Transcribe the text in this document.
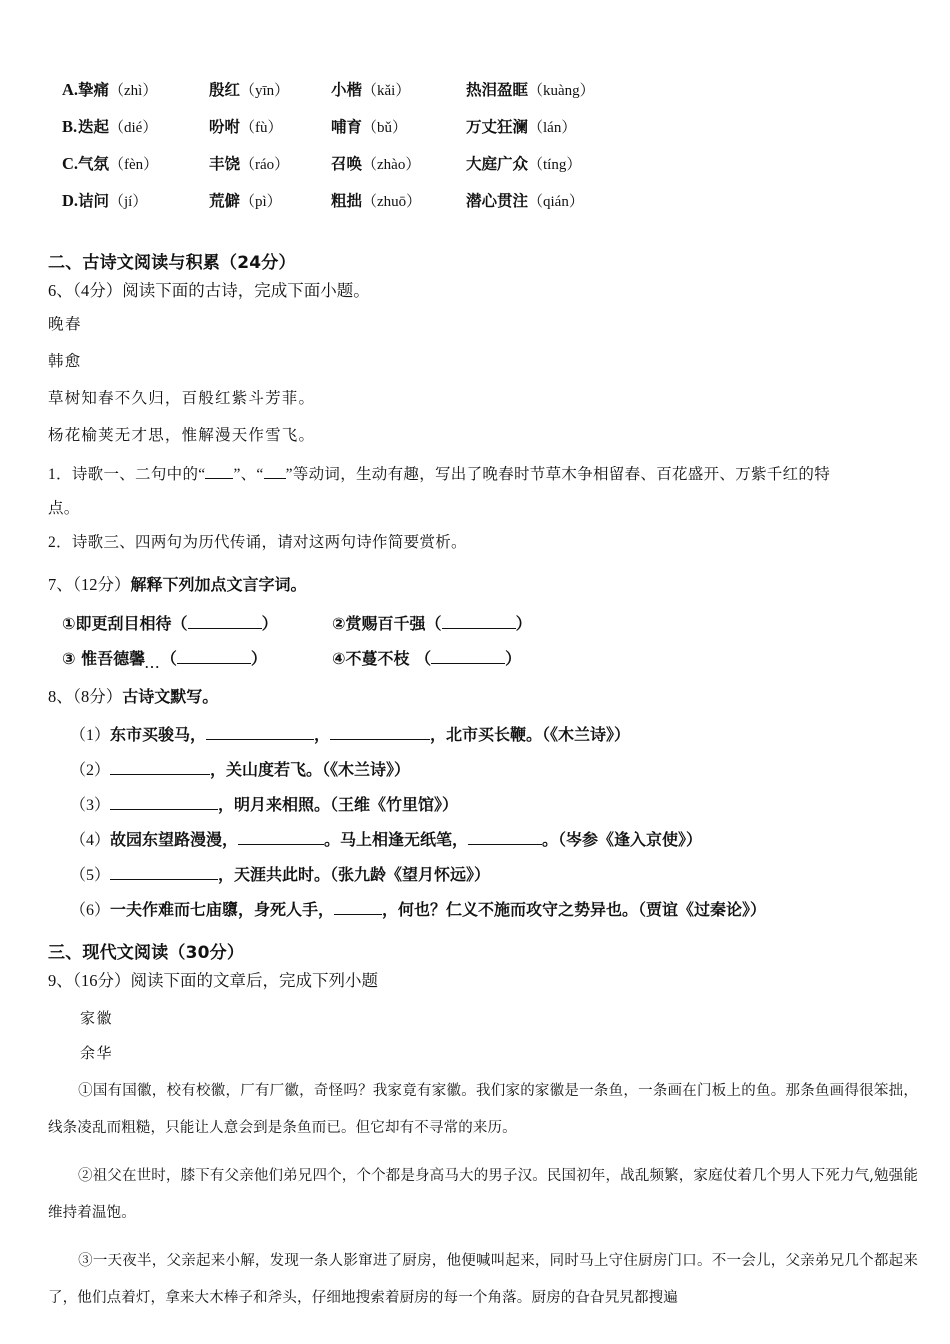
A. 挚痛（zhì）	殷红（yīn）	小楷（kǎi）	热泪盈眶（kuàng）
B. 迭起（dié）	吩咐（fù）	哺育（bǔ）	万丈狂澜（lán）
C. 气氛（fèn）	丰饶（ráo）	召唤（zhào）	大庭广众（tíng）
D. 诘问（jí）	荒僻（pì）	粗拙（zhuō）	潜心贯注（qián）
二、古诗文阅读与积累（24分）
6、（4分）阅读下面的古诗，完成下面小题。
晚春
韩愈
草树知春不久归，百般红紫斗芳菲。
杨花榆荚无才思，惟解漫天作雪飞。
1．诗歌一、二句中的“ ”、“ ”等动词，生动有趣，写出了晚春时节草木争相留春、百花盛开、万紫千红的特
点。
2．诗歌三、四两句为历代传诵，请对这两句诗作简要赏析。
7、（12分）解释下列加点文言字词。
①即更刮目相待（	）	②赏赐百千强（	）
③ 惟吾德馨$_{...}$（	）	④不蔓不枝 （	）
8、（8分）古诗文默写。
（1）东市买骏马，	，	，北市买长鞭。（《木兰诗》）
（2）	，关山度若飞。（《木兰诗》）
（3）	，明月来相照。（王维《竹里馆》）
（4）故园东望路漫漫，	。马上相逢无纸笔，	。（岑参《逢入京使》）
（5）	，天涯共此时。（张九龄《望月怀远》）
（6）一夫作难而七庙隳，身死人手，	，何也？仁义不施而攻守之势异也。（贾谊《过秦论》）
三、现代文阅读（30分）
9、（16分）阅读下面的文章后，完成下列小题
家徽
余华

①国有国徽，校有校徽，厂有厂徽，奇怪吗？我家竟有家徽。我们家的家徽是一条鱼，一条画在门板上的鱼。那条鱼画得很笨拙，线条凌乱而粗糙，只能让人意会到是条鱼而已。但它却有不寻常的来历。

②祖父在世时，膝下有父亲他们弟兄四个，个个都是身高马大的男子汉。民国初年，战乱频繁，家庭仗着几个男人下死力气,勉强能维持着温饱。

③一天夜半，父亲起来小解，发现一条人影窜进了厨房，他便喊叫起来，同时马上守住厨房门口。不一会儿，父亲弟兄几个都起来了，他们点着灯，拿来大木棒子和斧头，仔细地搜索着厨房的每一个角落。厨房的旮旮旯旯都搜遍
